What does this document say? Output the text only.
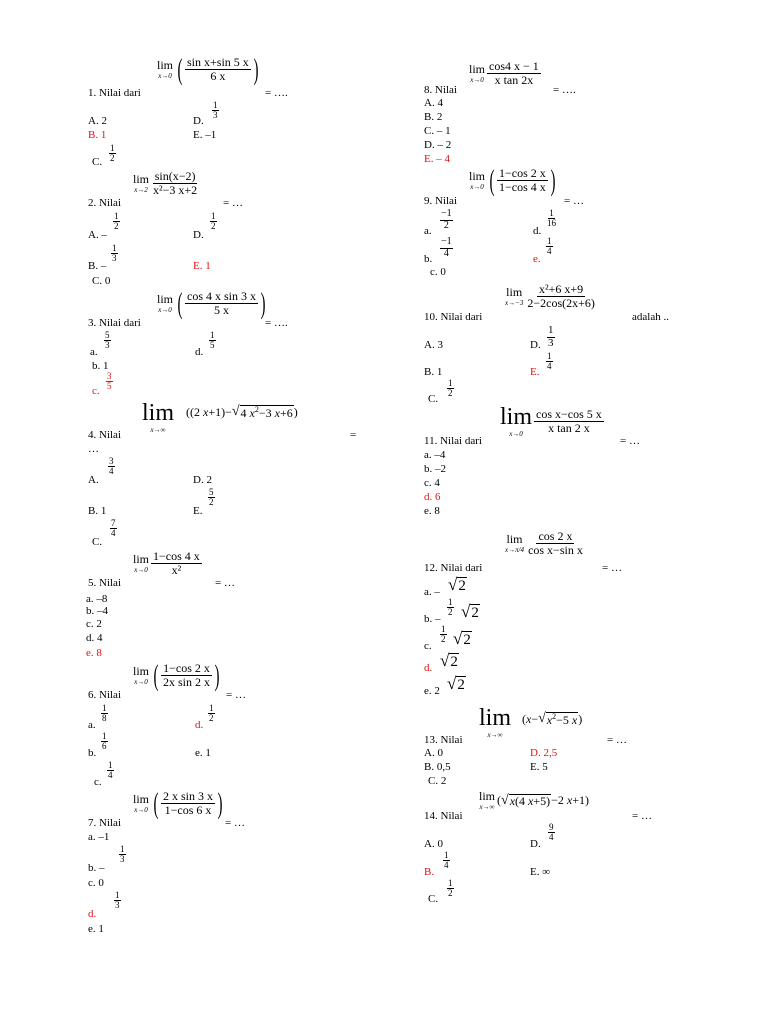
lim
x→0 ( sin x+sin 5 x
6 x )
1. Nilai dari	= ….
A. 2	D.
1
3
B. 1	E. –1
C.
1
2
lim
x→2
sin(x−2)
x²−3 x+2
2. Nilai	= …
A. –
1
2
D.
1
2
B. –
1
3
E. 1
C. 0
lim
x→0 ( cos 4 x sin 3 x
5 x )
3. Nilai dari	= ….
a.
5
3
d.
1
5
b. 1
c.
3
5
lim
x→∞
((2 x+1)− √ 4 $x^2-3$ x+6 )
4. Nilai	=
…
A.
3
4
D. 2
B. 1	E.
5
2
C.
7
4
lim
x→0
1−cos 4 x
x²
5. Nilai	= …
a. –8
b. –4
c. 2
d. 4
e. 8
lim
x→0 ( 1−cos 2 x
2x sin 2 x )
6. Nilai	= …
a.
1
8
d.
1
2
b.
1
6
e. 1
c.
1
4
lim
x→0 ( 2 x sin 3 x
1−cos 6 x )
7. Nilai	= …
a. –1
b. –
1
3
c. 0
d.
1
3
e. 1
lim
x→0
cos4 x − 1
x tan 2x
8. Nilai	= ….
A. 4
B. 2
C. – 1
D. – 2
E. – 4
lim
x→0 ( 1−cos 2 x
1−cos 4 x )
9. Nilai	= …
a.
−1
2	d.
1
16
b.
−1
4	e.
1
4
c. 0
lim
x→−3
x²+6 x+9
2−2cos(2x+6)
10. Nilai dari	adalah ..
A. 3	D.
1
3
B. 1	E.
1
4
C.
1
2
lim
x→0
cos x−cos 5 x
x tan 2 x
11. Nilai dari	= …
a. –4
b. –2
c. 4
d. 6
e. 8
lim
x→π/4
cos 2 x
cos x−sin x
12. Nilai dari	= …
a. – √2
b. –
1
2 √2
c.
1
2 √2
d. √2
e. 2 √2
lim
x→∞
(x− √ $x^2-5$ x )
13. Nilai	= …
A. 0	D. 2,5
B. 0,5	E. 5
C. 2
lim
x→∞ ( √ x(4 x+5) −2 x+1)
14. Nilai	= …
A. 0	D.
9
4
B.
1
4
E. ∞
C.
1
2
